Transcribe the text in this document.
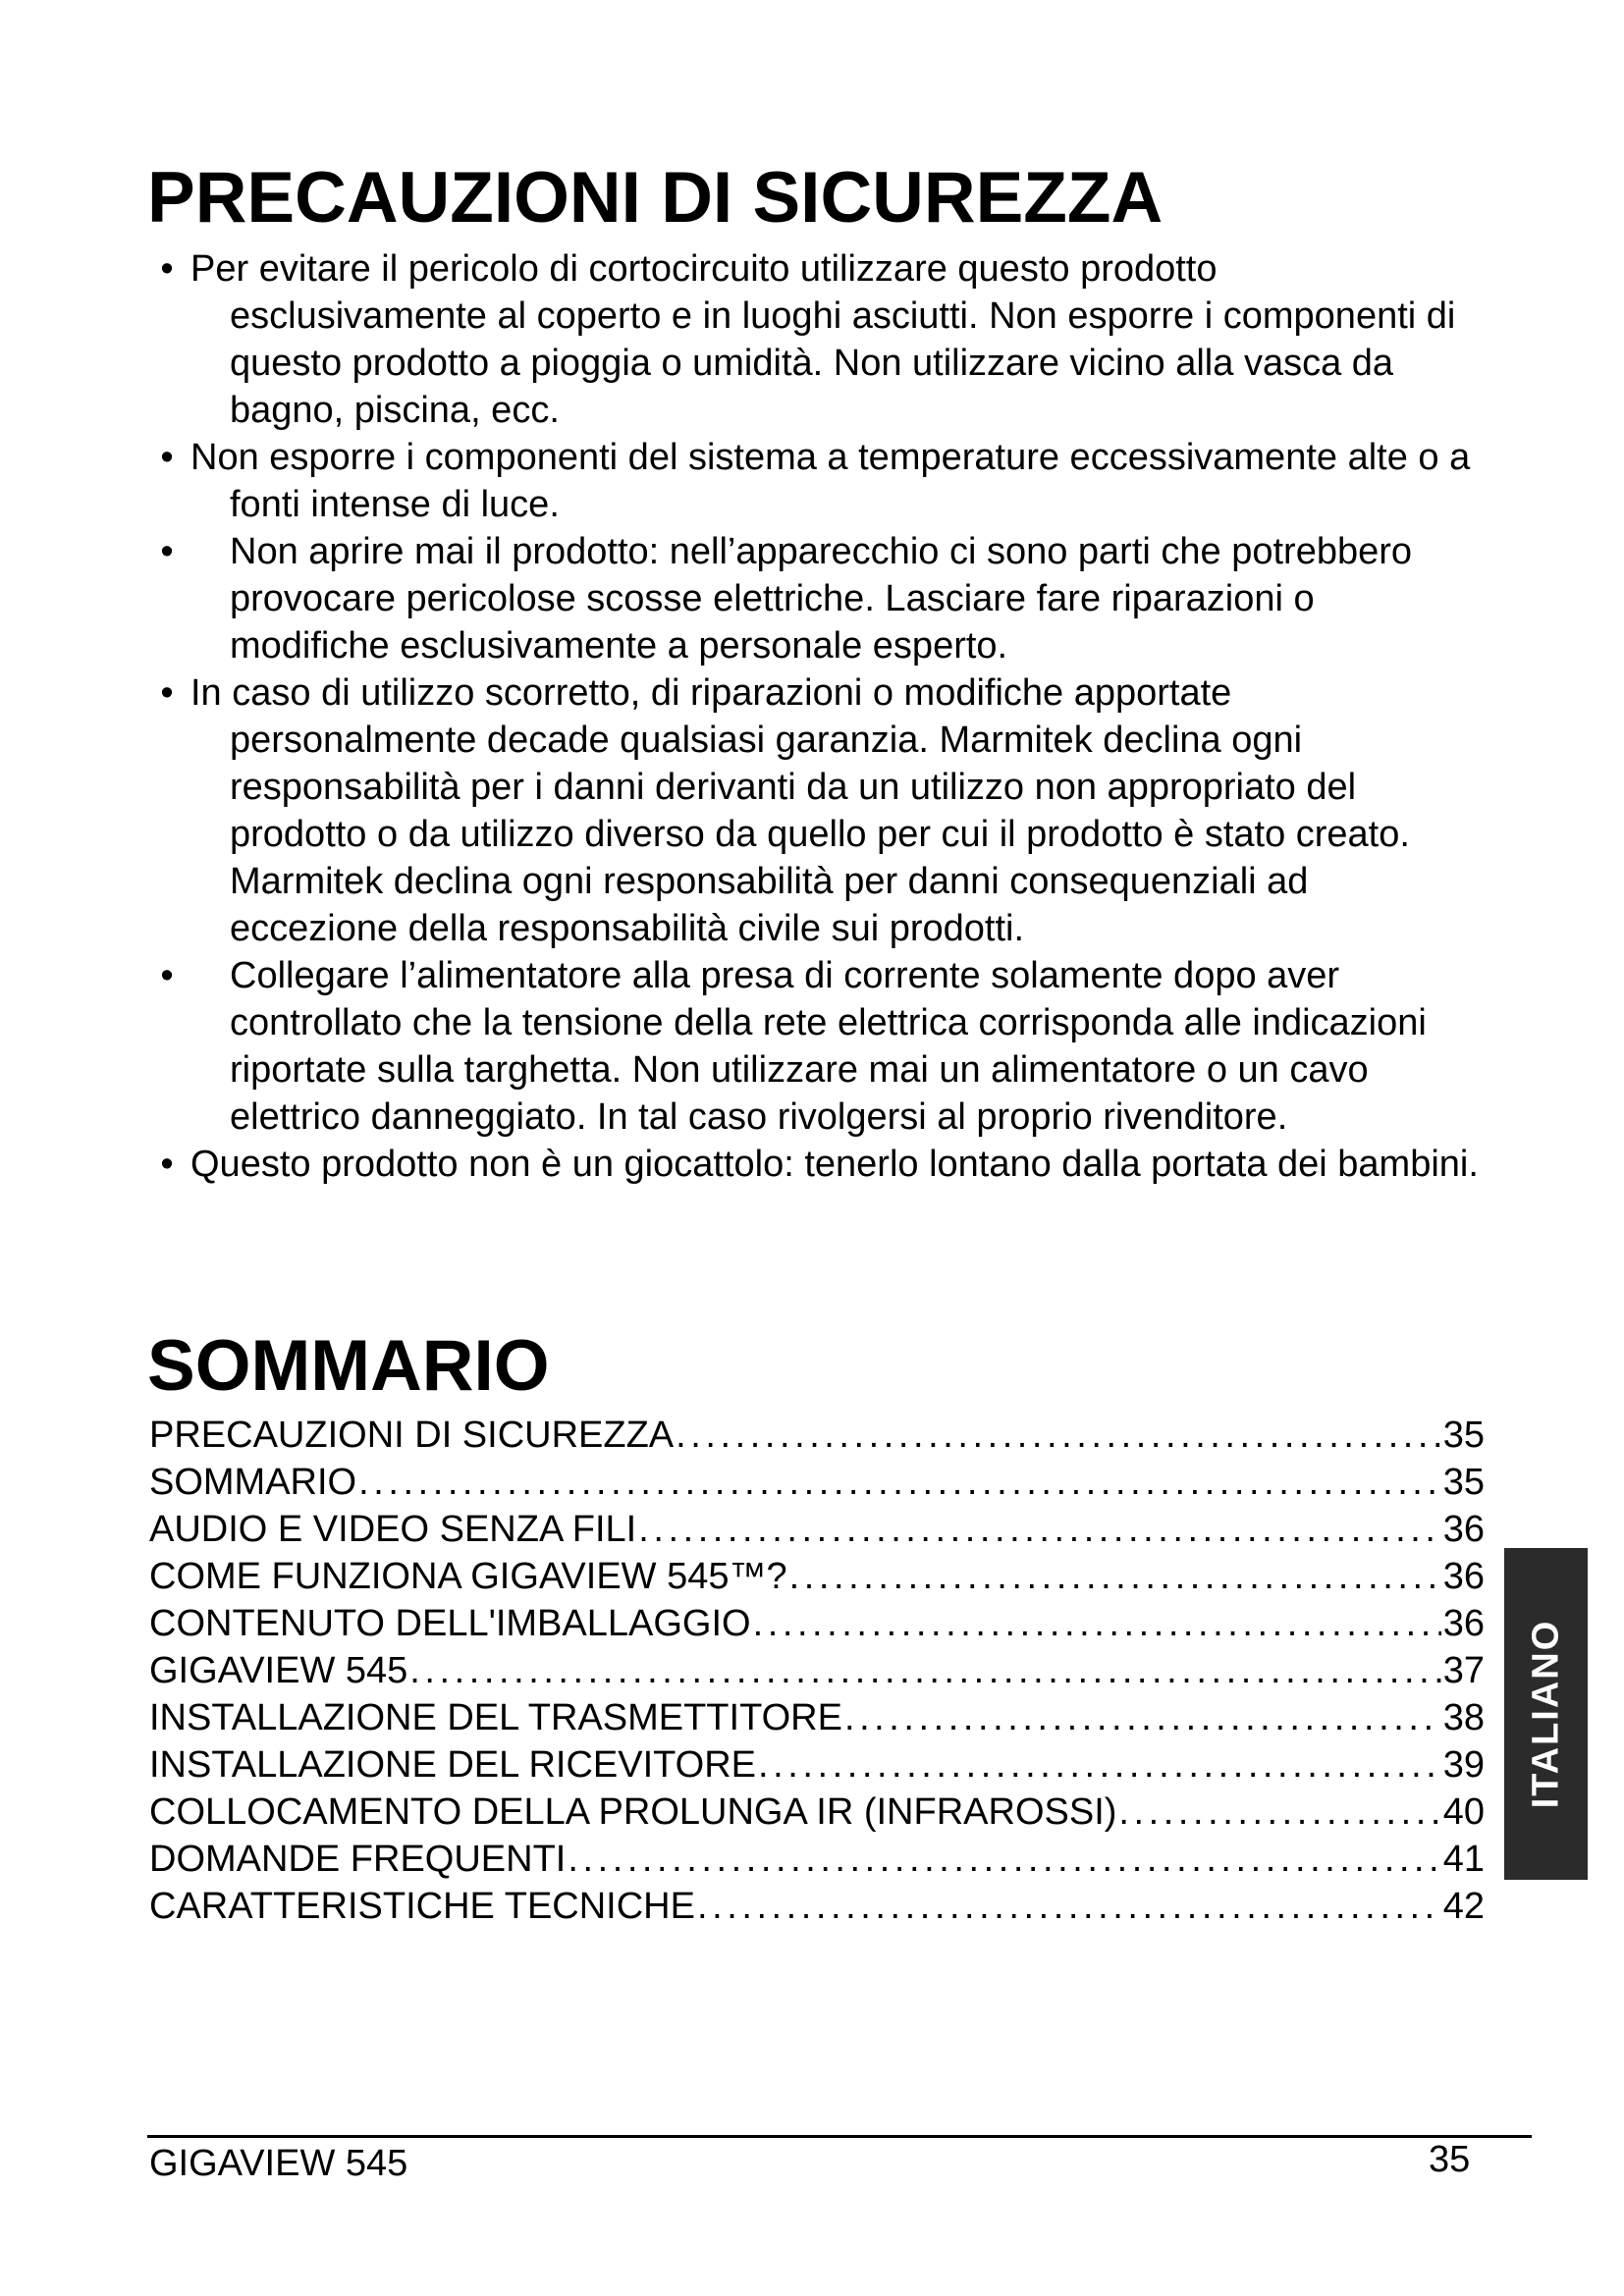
PRECAUZIONI DI SICUREZZA
• Per evitare il pericolo di cortocircuito utilizzare questo prodotto esclusivamente al coperto e in luoghi asciutti. Non esporre i componenti di questo prodotto a pioggia o umidità. Non utilizzare vicino alla vasca da bagno, piscina, ecc.
• Non esporre i componenti del sistema a temperature eccessivamente alte o a fonti intense di luce.
•	Non aprire mai il prodotto: nell’apparecchio ci sono parti che potrebbero provocare pericolose scosse elettriche. Lasciare fare riparazioni o modifiche esclusivamente a personale esperto.
• In caso di utilizzo scorretto, di riparazioni o modifiche apportate personalmente decade qualsiasi garanzia. Marmitek declina ogni responsabilità per i danni derivanti da un utilizzo non appropriato del prodotto o da utilizzo diverso da quello per cui il prodotto è stato creato. Marmitek declina ogni responsabilità per danni consequenziali ad eccezione della responsabilità civile sui prodotti.
•	Collegare l’alimentatore alla presa di corrente solamente dopo aver controllato che la tensione della rete elettrica corrisponda alle indicazioni riportate sulla targhetta. Non utilizzare mai un alimentatore o un cavo elettrico danneggiato. In tal caso rivolgersi al proprio rivenditore.
• Questo prodotto non è un giocattolo: tenerlo lontano dalla portata dei bambini.
SOMMARIO
PRECAUZIONI DI SICUREZZA . . .	35
SOMMARIO . . .	35
AUDIO E VIDEO SENZA FILI . . .	36
COME FUNZIONA GIGAVIEW 545™? . . .	36
CONTENUTO DELL'IMBALLAGGIO . . .	36
GIGAVIEW 545 . . .	37
INSTALLAZIONE DEL TRASMETTITORE . . .	38
INSTALLAZIONE DEL RICEVITORE . . .	39
COLLOCAMENTO DELLA PROLUNGA IR (INFRAROSSI) . . .	40
DOMANDE FREQUENTI . . .	41
CARATTERISTICHE TECNICHE . . .	42
ITALIANO
GIGAVIEW 545	35
